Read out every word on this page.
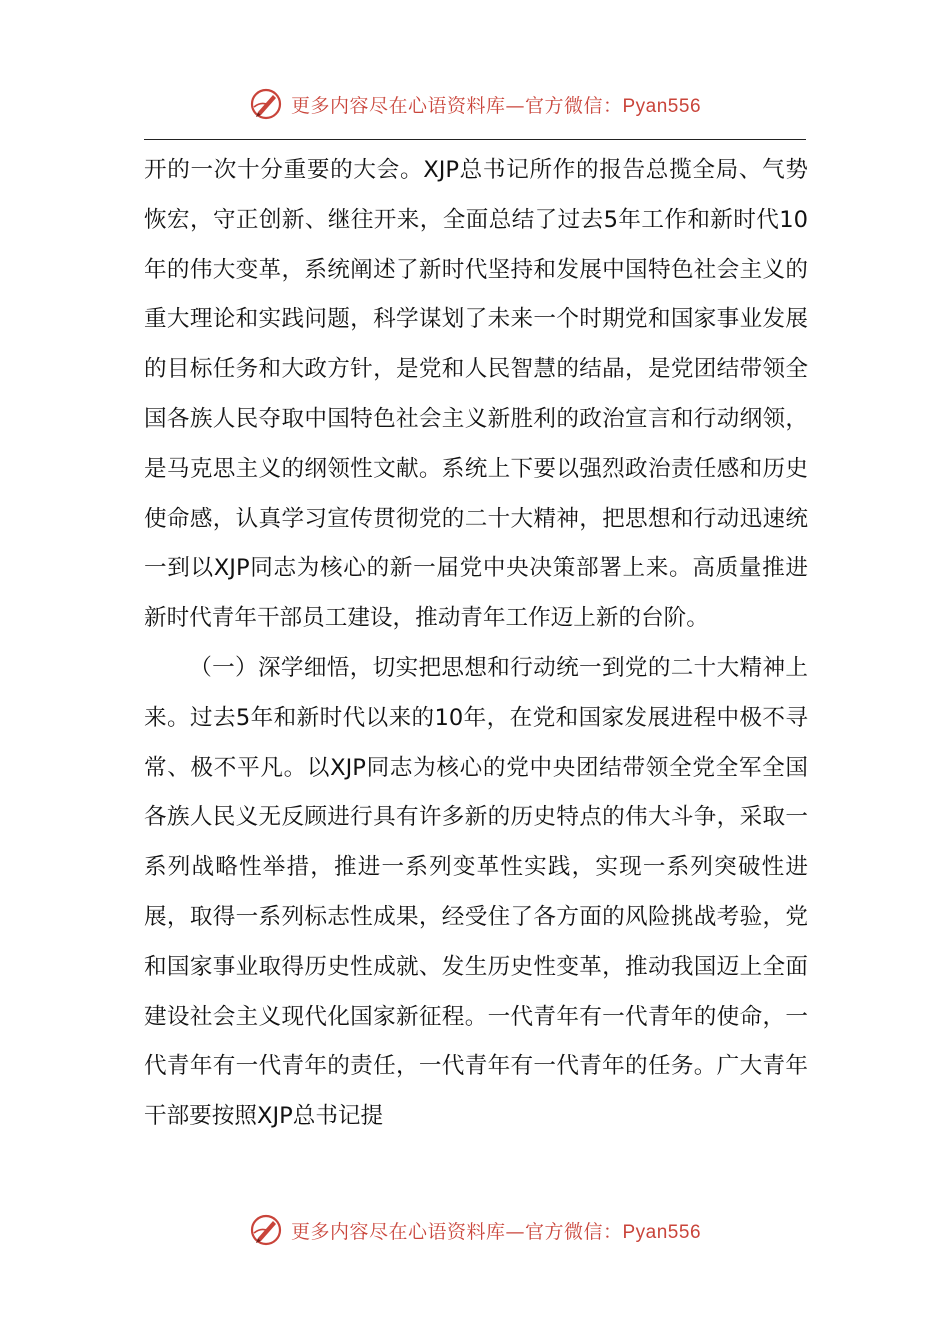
更多内容尽在心语资料库—官方微信：Pyan556

开的一次十分重要的大会。XJP总书记所作的报告总揽全局、气势恢宏，守正创新、继往开来，全面总结了过去5年工作和新时代10年的伟大变革，系统阐述了新时代坚持和发展中国特色社会主义的重大理论和实践问题，科学谋划了未来一个时期党和国家事业发展的目标任务和大政方针，是党和人民智慧的结晶，是党团结带领全国各族人民夺取中国特色社会主义新胜利的政治宣言和行动纲领，是马克思主义的纲领性文献。系统上下要以强烈政治责任感和历史使命感，认真学习宣传贯彻党的二十大精神，把思想和行动迅速统一到以XJP同志为核心的新一届党中央决策部署上来。高质量推进新时代青年干部员工建设，推动青年工作迈上新的台阶。

（一）深学细悟，切实把思想和行动统一到党的二十大精神上来。过去5年和新时代以来的10年，在党和国家发展进程中极不寻常、极不平凡。以XJP同志为核心的党中央团结带领全党全军全国各族人民义无反顾进行具有许多新的历史特点的伟大斗争，采取一系列战略性举措，推进一系列变革性实践，实现一系列突破性进展，取得一系列标志性成果，经受住了各方面的风险挑战考验，党和国家事业取得历史性成就、发生历史性变革，推动我国迈上全面建设社会主义现代化国家新征程。一代青年有一代青年的使命，一代青年有一代青年的责任，一代青年有一代青年的任务。广大青年干部要按照XJP总书记提

更多内容尽在心语资料库—官方微信：Pyan556
